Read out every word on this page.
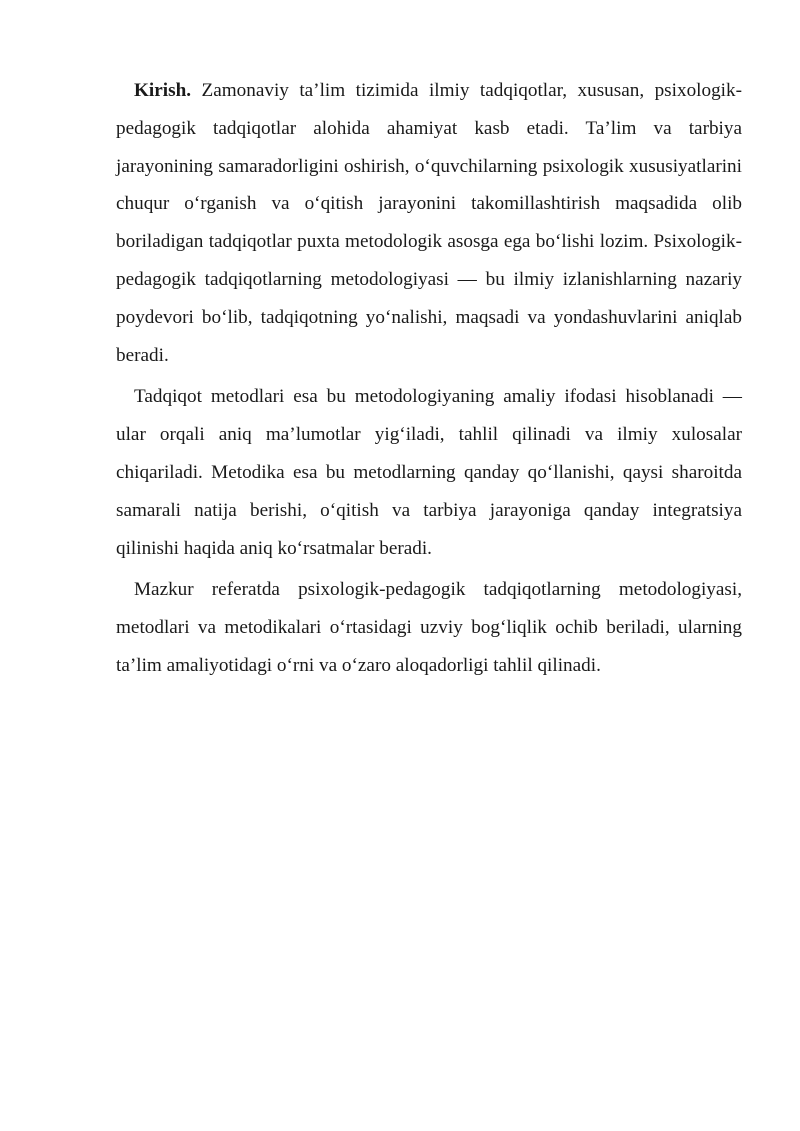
Kirish. Zamonaviy ta’lim tizimida ilmiy tadqiqotlar, xususan, psixologik-pedagogik tadqiqotlar alohida ahamiyat kasb etadi. Ta’lim va tarbiya jarayonining samaradorligini oshirish, o‘quvchilarning psixologik xususiyatlarini chuqur o‘rganish va o‘qitish jarayonini takomillashtirish maqsadida olib boriladigan tadqiqotlar puxta metodologik asosga ega bo‘lishi lozim. Psixologik-pedagogik tadqiqotlarning metodologiyasi — bu ilmiy izlanishlarning nazariy poydevori bo‘lib, tadqiqotning yo‘nalishi, maqsadi va yondashuvlarini aniqlab beradi.

Tadqiqot metodlari esa bu metodologiyaning amaliy ifodasi hisoblanadi — ular orqali aniq ma’lumotlar yig‘iladi, tahlil qilinadi va ilmiy xulosalar chiqariladi. Metodika esa bu metodlarning qanday qo‘llanishi, qaysi sharoitda samarali natija berishi, o‘qitish va tarbiya jarayoniga qanday integratsiya qilinishi haqida aniq ko‘rsatmalar beradi.

Mazkur referatda psixologik-pedagogik tadqiqotlarning metodologiyasi, metodlari va metodikalari o‘rtasidagi uzviy bog‘liqlik ochib beriladi, ularning ta’lim amaliyotidagi o‘rni va o‘zaro aloqadorligi tahlil qilinadi.
